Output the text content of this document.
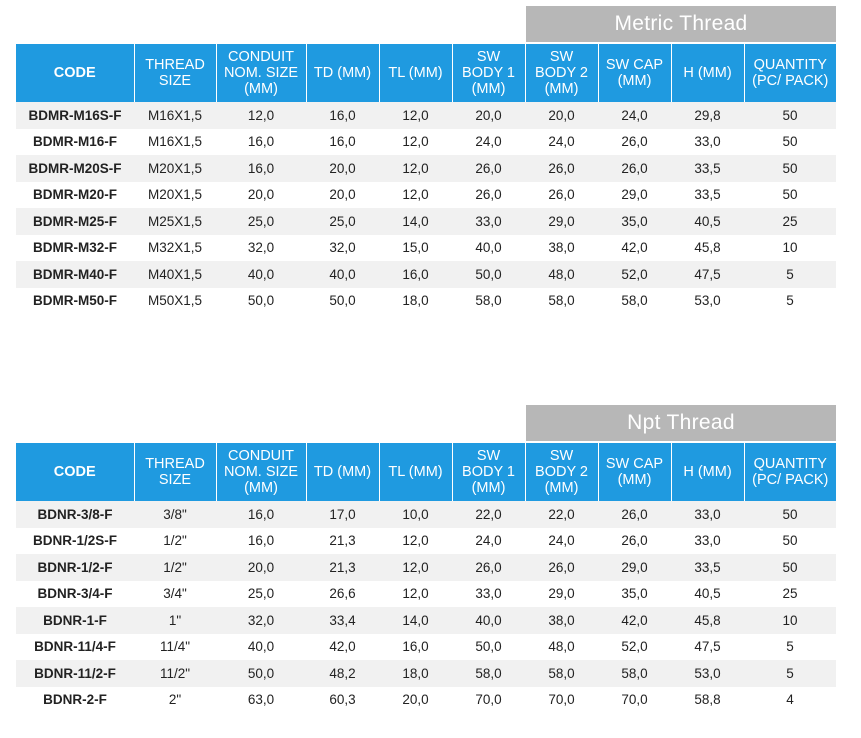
Metric Thread
CODE	THREAD SIZE	CONDUIT NOM. SIZE (MM)	TD (MM)	TL (MM)	SW BODY 1 (MM)	SW BODY 2 (MM)	SW CAP (MM)	H (MM)	QUANTITY (PC/ PACK)
BDMR-M16S-F	M16X1,5	12,0	16,0	12,0	20,0	20,0	24,0	29,8	50
BDMR-M16-F	M16X1,5	16,0	16,0	12,0	24,0	24,0	26,0	33,0	50
BDMR-M20S-F	M20X1,5	16,0	20,0	12,0	26,0	26,0	26,0	33,5	50
BDMR-M20-F	M20X1,5	20,0	20,0	12,0	26,0	26,0	29,0	33,5	50
BDMR-M25-F	M25X1,5	25,0	25,0	14,0	33,0	29,0	35,0	40,5	25
BDMR-M32-F	M32X1,5	32,0	32,0	15,0	40,0	38,0	42,0	45,8	10
BDMR-M40-F	M40X1,5	40,0	40,0	16,0	50,0	48,0	52,0	47,5	5
BDMR-M50-F	M50X1,5	50,0	50,0	18,0	58,0	58,0	58,0	53,0	5
Npt Thread
CODE	THREAD SIZE	CONDUIT NOM. SIZE (MM)	TD (MM)	TL (MM)	SW BODY 1 (MM)	SW BODY 2 (MM)	SW CAP (MM)	H (MM)	QUANTITY (PC/ PACK)
BDNR-3/8-F	3/8"	16,0	17,0	10,0	22,0	22,0	26,0	33,0	50
BDNR-1/2S-F	1/2"	16,0	21,3	12,0	24,0	24,0	26,0	33,0	50
BDNR-1/2-F	1/2"	20,0	21,3	12,0	26,0	26,0	29,0	33,5	50
BDNR-3/4-F	3/4"	25,0	26,6	12,0	33,0	29,0	35,0	40,5	25
BDNR-1-F	1"	32,0	33,4	14,0	40,0	38,0	42,0	45,8	10
BDNR-11/4-F	11/4"	40,0	42,0	16,0	50,0	48,0	52,0	47,5	5
BDNR-11/2-F	11/2"	50,0	48,2	18,0	58,0	58,0	58,0	53,0	5
BDNR-2-F	2"	63,0	60,3	20,0	70,0	70,0	70,0	58,8	4
